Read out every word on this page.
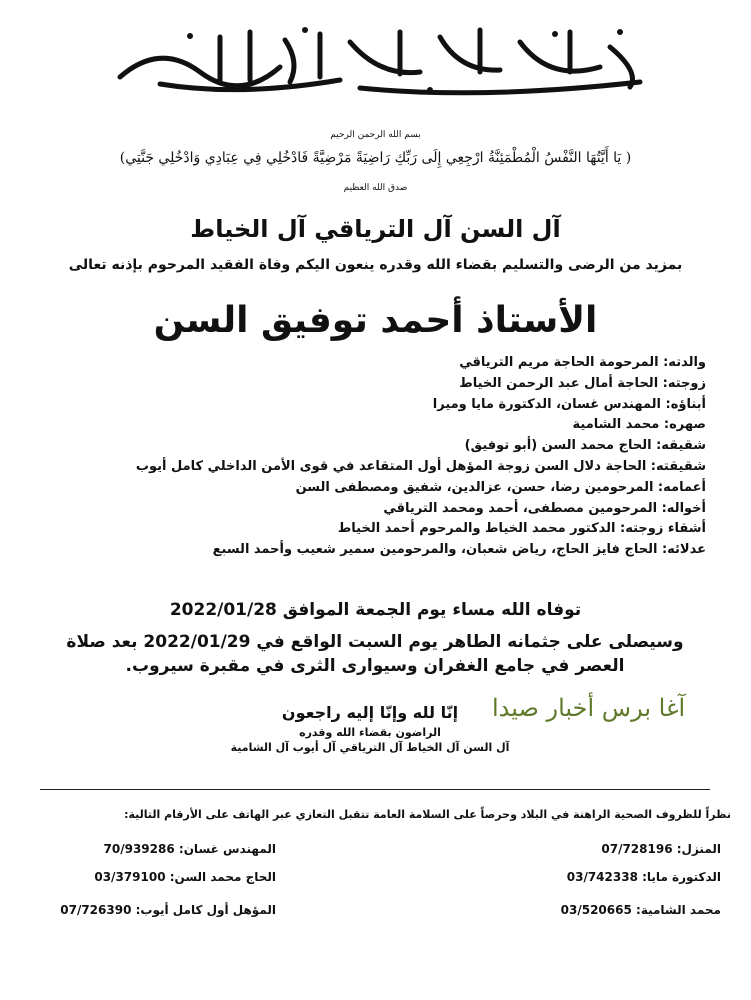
بسم الله الرحمن الرحيم
( يَا أَيَّتُهَا النَّفْسُ الْمُطْمَئِنَّةُ ارْجِعِي إِلَى رَبِّكِ رَاضِيَةً مَرْضِيَّةً فَادْخُلِي فِي عِبَادِي وَادْخُلِي جَنَّتِي)
صدق الله العظيم
آل السن آل الترياقي آل الخياط
بمزيد من الرضى والتسليم بقضاء الله وقدره ينعون اليكم وفاة الفقيد المرحوم بإذنه تعالى
الأستاذ أحمد توفيق السن
والدته: المرحومة الحاجة مريم الترياقي
زوجته: الحاجة أمال عبد الرحمن الخياط
أبناؤه: المهندس غسان، الدكتورة مايا وميرا
صهره: محمد الشامية
شقيقه: الحاج محمد السن (أبو توفيق)
شقيقته: الحاجة دلال السن زوجة المؤهل أول المتقاعد في قوى الأمن الداخلي كامل أيوب
أعمامه: المرحومين رضا، حسن، عزالدين، شفيق ومصطفى السن
أخواله: المرحومين مصطفى، أحمد ومحمد الترياقي
أشقاء زوجته: الدكتور محمد الخياط والمرحوم أحمد الخياط
عدلائه: الحاج فايز الحاج، رياض شعبان، والمرحومين سمير شعيب وأحمد السبع
توفاه الله مساء يوم الجمعة الموافق 2022/01/28
وسيصلى على جثمانه الطاهر يوم السبت الواقع في 2022/01/29 بعد صلاة العصر في جامع الغفران وسيوارى الثرى في مقبرة سيروب.
آغا برس أخبار صيدا
إنّا لله وإنّا إليه راجعون
الراضون بقضاء الله وقدره
آل السن آل الخياط آل الترياقي آل أيوب آل الشامية
نظراً للظروف الصحية الراهنة في البلاد وحرصاً على السلامة العامة تتقبل التعازي عبر الهاتف على الأرقام التالية:
المنزل: 07/728196
المهندس غسان: 70/939286
الدكتورة مايا: 03/742338
الحاج محمد السن: 03/379100
محمد الشامية: 03/520665
المؤهل أول كامل أيوب: 07/726390
